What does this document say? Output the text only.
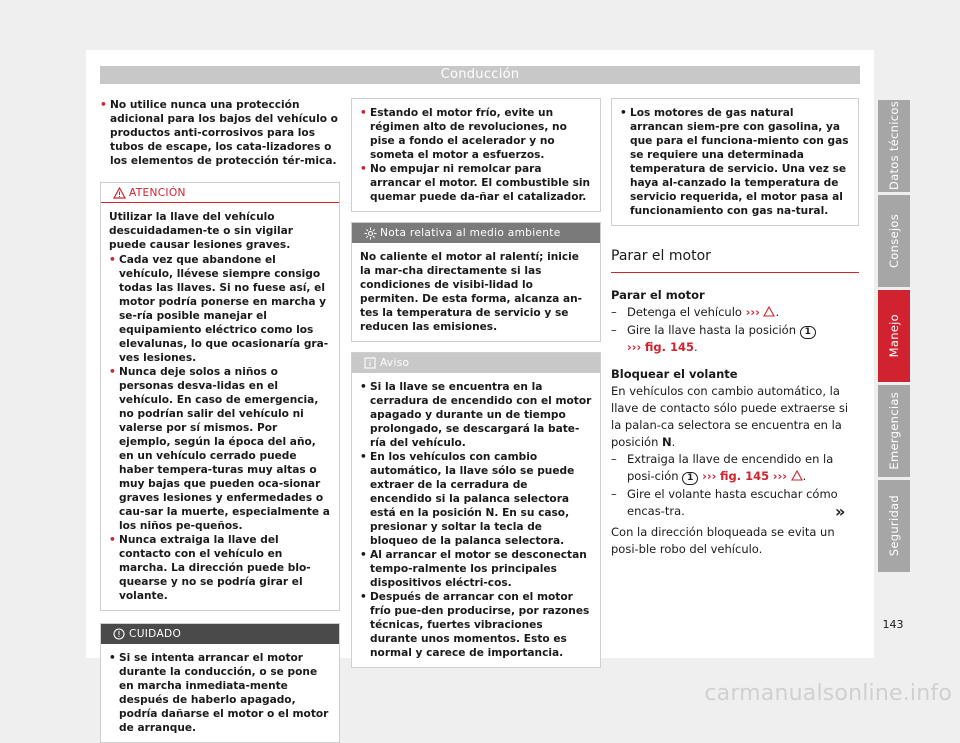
Conducción
• No utilice nunca una protección adicional para los bajos del vehículo o productos anti-corrosivos para los tubos de escape, los cata-lizadores o los elementos de protección tér-mica.
ATENCIÓN
Utilizar la llave del vehículo descuidadamen-te o sin vigilar puede causar lesiones graves.
• Cada vez que abandone el vehículo, llévese siempre consigo todas las llaves. Si no fuese así, el motor podría ponerse en marcha y se-ría posible manejar el equipamiento eléctrico como los elevalunas, lo que ocasionaría gra-ves lesiones.
• Nunca deje solos a niños o personas desva-lidas en el vehículo. En caso de emergencia, no podrían salir del vehículo ni valerse por sí mismos. Por ejemplo, según la época del año, en un vehículo cerrado puede haber tempera-turas muy altas o muy bajas que pueden oca-sionar graves lesiones y enfermedades o cau-sar la muerte, especialmente a los niños pe-queños.
• Nunca extraiga la llave del contacto con el vehículo en marcha. La dirección puede blo-quearse y no se podría girar el volante.
CUIDADO
• Si se intenta arrancar el motor durante la conducción, o se pone en marcha inmediata-mente después de haberlo apagado, podría dañarse el motor o el motor de arranque.
• Estando el motor frío, evite un régimen alto de revoluciones, no pise a fondo el acelerador y no someta el motor a esfuerzos.
• No empujar ni remolcar para arrancar el motor. El combustible sin quemar puede da-ñar el catalizador.
Nota relativa al medio ambiente
No caliente el motor al ralentí; inicie la mar-cha directamente si las condiciones de visibi-lidad lo permiten. De esta forma, alcanza an-tes la temperatura de servicio y se reducen las emisiones.
Aviso
• Si la llave se encuentra en la cerradura de encendido con el motor apagado y durante un de tiempo prolongado, se descargará la bate-ría del vehículo.
• En los vehículos con cambio automático, la llave sólo se puede extraer de la cerradura de encendido si la palanca selectora está en la posición N. En su caso, presionar y soltar la tecla de bloqueo de la palanca selectora.
• Al arrancar el motor se desconectan tempo-ralmente los principales dispositivos eléctri-cos.
• Después de arrancar con el motor frío pue-den producirse, por razones técnicas, fuertes vibraciones durante unos momentos. Esto es normal y carece de importancia.
• Los motores de gas natural arrancan siem-pre con gasolina, ya que para el funciona-miento con gas se requiere una determinada temperatura de servicio. Una vez se haya al-canzado la temperatura de servicio requerida, el motor pasa al funcionamiento con gas na-tural.
Parar el motor
Parar el motor
– Detenga el vehículo ››› .
– Gire la llave hasta la posición 1
››› fig. 145.
Bloquear el volante
En vehículos con cambio automático, la llave de contacto sólo puede extraerse si la palan-ca selectora se encuentra en la posición N.
– Extraiga la llave de encendido en la posi-ción 1 ››› fig. 145 ››› .
– Gire el volante hasta escuchar cómo encas-tra.
Con la dirección bloqueada se evita un posi-ble robo del vehículo.
»
Datos técnicos
Consejos
Manejo
Emergencias
Seguridad
143
carmanualsonline.info
